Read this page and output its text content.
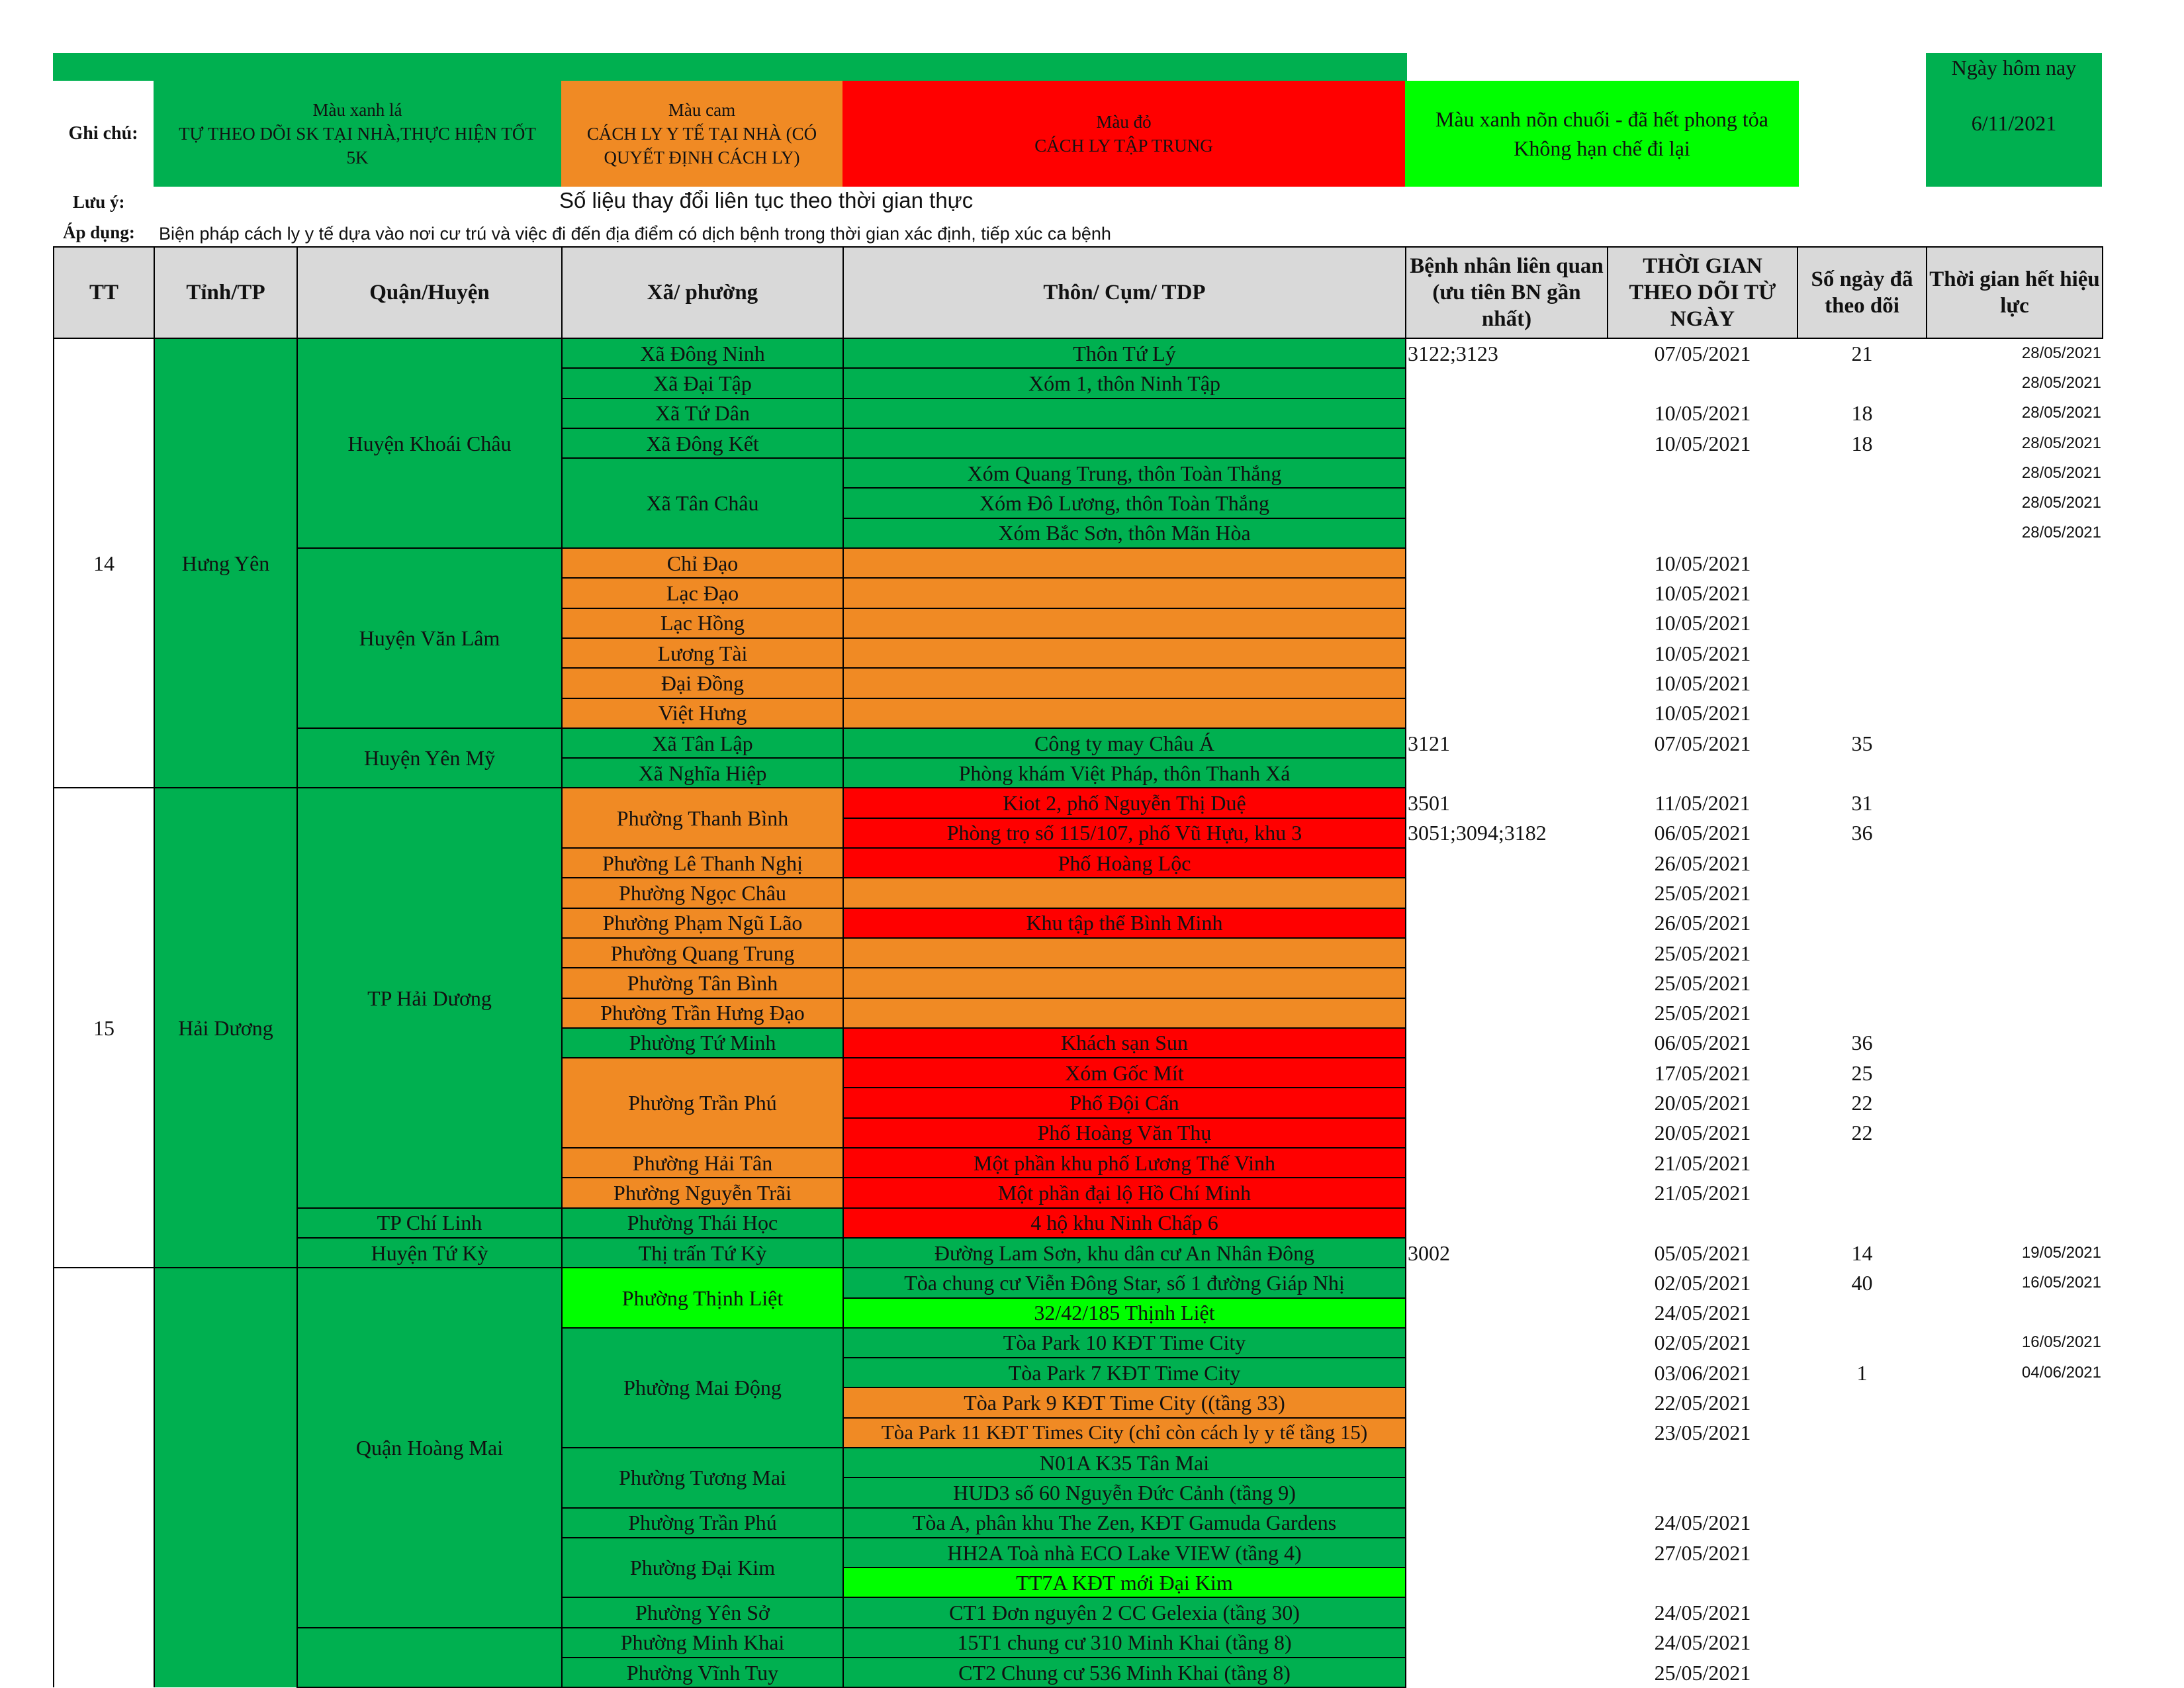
Ghi chú:
Màu xanh lá
TỰ THEO DÕI SK TẠI NHÀ,THỰC HIỆN TỐT 5K
Màu cam
CÁCH LY Y TẾ TẠI NHÀ (CÓ QUYẾT ĐỊNH CÁCH LY)
Màu đỏ
CÁCH LY TẬP TRUNG
Màu xanh nõn chuối - đã hết phong tỏa
Không hạn chế đi lại
Ngày hôm nay
6/11/2021
Lưu ý:	Số liệu thay đổi liên tục theo thời gian thực
Áp dụng: Biện pháp cách ly y tế dựa vào nơi cư trú và việc đi đến địa điểm có dịch bệnh trong thời gian xác định, tiếp xúc ca bệnh
TT	Tỉnh/TP	Quận/Huyện	Xã/ phường	Thôn/ Cụm/ TDP	Bệnh nhân liên quan (ưu tiên BN gần nhất)	THỜI GIAN THEO DÕI TỪ NGÀY	Số ngày đã theo dõi	Thời gian hết hiệu lực
14	Hưng Yên	Huyện Khoái Châu	Xã Đông Ninh	Thôn Tứ Lý	3122;3123	07/05/2021	21	28/05/2021
			Xã Đại Tập	Xóm 1, thôn Ninh Tập				28/05/2021
			Xã Tứ Dân			10/05/2021	18	28/05/2021
			Xã Đông Kết			10/05/2021	18	28/05/2021
			Xã Tân Châu	Xóm Quang Trung, thôn Toàn Thắng				28/05/2021
				Xóm Đô Lương, thôn Toàn Thắng				28/05/2021
				Xóm Bắc Sơn, thôn Mãn Hòa				28/05/2021
		Huyện Văn Lâm	Chỉ Đạo			10/05/2021		
			Lạc Đạo			10/05/2021		
			Lạc Hồng			10/05/2021		
			Lương Tài			10/05/2021		
			Đại Đồng			10/05/2021		
			Việt Hưng			10/05/2021		
		Huyện Yên Mỹ	Xã Tân Lập	Công ty may Châu Á	3121	07/05/2021	35	
			Xã Nghĩa Hiệp	Phòng khám Việt Pháp, thôn Thanh Xá				
15	Hải Dương	TP Hải Dương	Phường Thanh Bình	Kiot 2, phố Nguyễn Thị Duệ	3501	11/05/2021	31	
				Phòng trọ số 115/107, phố Vũ Hựu, khu 3	3051;3094;3182	06/05/2021	36	
			Phường Lê Thanh Nghị	Phố Hoàng Lộc		26/05/2021		
			Phường Ngọc Châu			25/05/2021		
			Phường Phạm Ngũ Lão	Khu tập thể Bình Minh		26/05/2021		
			Phường Quang Trung			25/05/2021		
			Phường Tân Bình			25/05/2021		
			Phường Trần Hưng Đạo			25/05/2021		
			Phường Tứ Minh	Khách sạn Sun		06/05/2021	36	
			Phường Trần Phú	Xóm Gốc Mít		17/05/2021	25	
				Phố Đội Cấn		20/05/2021	22	
				Phố Hoàng Văn Thụ		20/05/2021	22	
			Phường Hải Tân	Một phần khu phố Lương Thế Vinh		21/05/2021		
			Phường Nguyễn Trãi	Một phần đại lộ Hồ Chí Minh		21/05/2021		
		TP Chí Linh	Phường Thái Học	4 hộ khu Ninh Chấp 6				
		Huyện Tứ Kỳ	Thị trấn Tứ Kỳ	Đường Lam Sơn, khu dân cư An Nhân Đông	3002	05/05/2021	14	19/05/2021
		Quận Hoàng Mai	Phường Thịnh Liệt	Tòa chung cư Viễn Đông Star, số 1 đường Giáp Nhị		02/05/2021	40	16/05/2021
				32/42/185 Thịnh Liệt		24/05/2021		
			Phường Mai Động	Tòa Park 10 KĐT Time City		02/05/2021		16/05/2021
				Tòa Park 7 KĐT Time City		03/06/2021	1	04/06/2021
				Tòa Park 9 KĐT Time City ((tầng 33)		22/05/2021		
				Tòa Park 11 KĐT Times City (chỉ còn cách ly y tế tầng 15)		23/05/2021		
			Phường Tương Mai	N01A K35 Tân Mai				
				HUD3 số 60 Nguyễn Đức Cảnh (tầng 9)				
			Phường Trần Phú	Tòa A, phân khu The Zen, KĐT Gamuda Gardens		24/05/2021		
			Phường Đại Kim	HH2A Toà nhà ECO Lake VIEW (tầng 4)		27/05/2021		
				TT7A KĐT mới Đại Kim				
			Phường Yên Sở	CT1 Đơn nguyên 2 CC Gelexia (tầng 30)		24/05/2021		
			Phường Minh Khai	15T1 chung cư 310 Minh Khai (tầng 8)		24/05/2021		
			Phường Vĩnh Tuy	CT2 Chung cư 536 Minh Khai (tầng 8)		25/05/2021		
